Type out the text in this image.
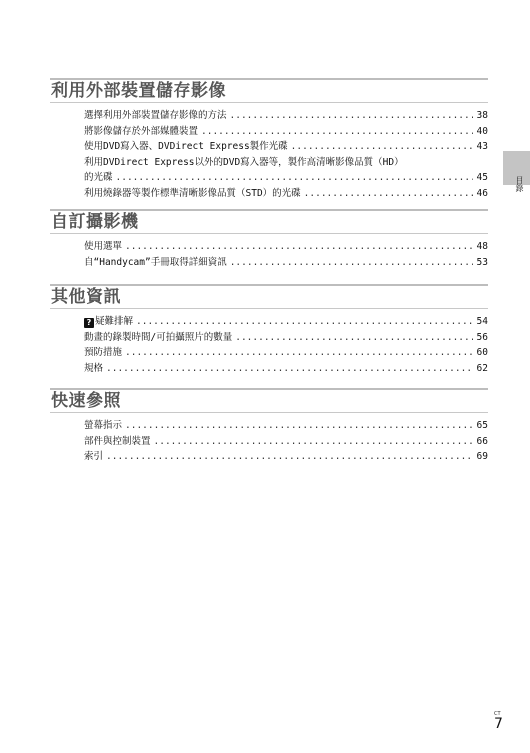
目錄
利用外部裝置儲存影像
選擇利用外部裝置儲存影像的方法 .....	38
將影像儲存於外部媒體裝置 .....	40
使用DVD寫入器、DVDirect Express製作光碟 .....	43
利用DVDirect Express以外的DVD寫入器等，製作高清晰影像品質（HD）
的光碟 .....	45
利用燒錄器等製作標準清晰影像品質（STD）的光碟 .....	46
自訂攝影機
使用選單 .....	48
自“Handycam”手冊取得詳細資訊 .....	53
其他資訊
? 疑難排解 .....	54
動畫的錄製時間/可拍攝照片的數量 .....	56
預防措施 .....	60
規格 .....	62
快速參照
螢幕指示 .....	65
部件與控制裝置 .....	66
索引 .....	69
CT
7
